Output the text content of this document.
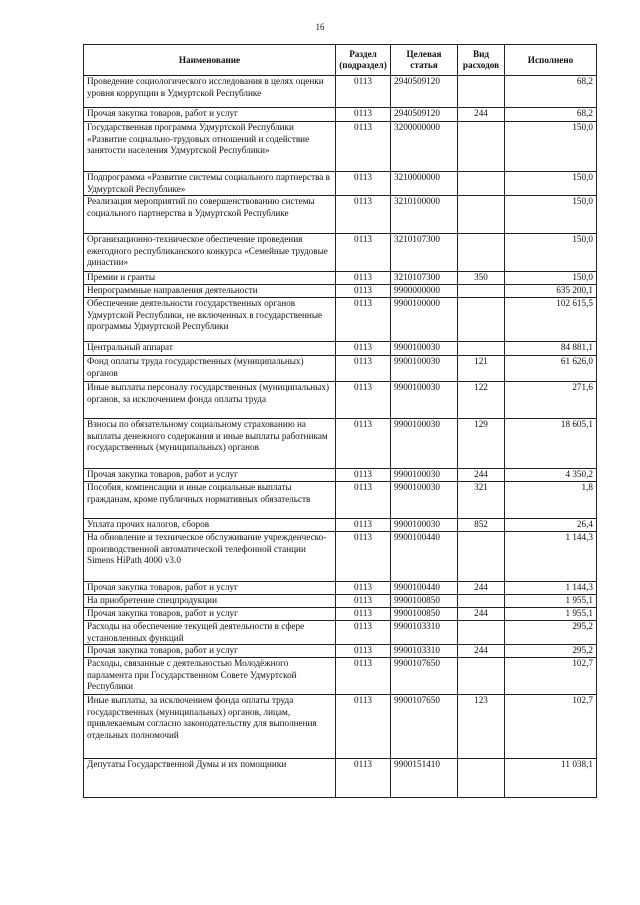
16
Наименование	Раздел (подраздел)	Целевая статья	Вид расходов	Исполнено
Проведение социологического исследования в целях оценки уровня коррупции в Удмуртской Республике	0113	2940509120		68,2
Прочая закупка товаров, работ и услуг	0113	2940509120	244	68,2
Государственная программа Удмуртской Республики «Развитие социально-трудовых отношений и содействие занятости населения Удмуртской Республики»	0113	3200000000		150,0
Подпрограмма «Развитие системы социального партнерства в Удмуртской Республике»	0113	3210000000		150,0
Реализация мероприятий по совершенствованию системы социального партнерства в Удмуртской Республике	0113	3210100000		150,0
Организационно-техническое обеспечение проведения ежегодного республиканского конкурса «Семейные трудовые династии»	0113	3210107300		150,0
Премии и гранты	0113	3210107300	350	150,0
Непрограммные направления деятельности	0113	9900000000		635 200,1
Обеспечение деятельности государственных органов Удмуртской Республики, не включенных в государственные программы Удмуртской Республики	0113	9900100000		102 615,5
Центральный аппарат	0113	9900100030		84 881,1
Фонд оплаты труда государственных (муниципальных) органов	0113	9900100030	121	61 626,0
Иные выплаты персоналу государственных (муниципальных) органов, за исключением фонда оплаты труда	0113	9900100030	122	271,6
Взносы по обязательному социальному страхованию на выплаты денежного содержания и иные выплаты работникам государственных (муниципальных) органов	0113	9900100030	129	18 605,1
Прочая закупка товаров, работ и услуг	0113	9900100030	244	4 350,2
Пособия, компенсации и иные социальные выплаты гражданам, кроме публичных нормативных обязательств	0113	9900100030	321	1,8
Уплата прочих налогов, сборов	0113	9900100030	852	26,4
На обновление и техническое обслуживание учрежденческо-производственной автоматической телефонной станции Simens HiPath 4000 v3.0	0113	9900100440		1 144,3
Прочая закупка товаров, работ и услуг	0113	9900100440	244	1 144,3
На приобретение спецпродукции	0113	9900100850		1 955,1
Прочая закупка товаров, работ и услуг	0113	9900100850	244	1 955,1
Расходы на обеспечение текущей деятельности в сфере установленных функций	0113	9900103310		295,2
Прочая закупка товаров, работ и услуг	0113	9900103310	244	295,2
Расходы, связанные с деятельностью Молодёжного парламента при Государственном Совете Удмуртской Республики	0113	9900107650		102,7
Иные выплаты, за исключением фонда оплаты труда государственных (муниципальных) органов, лицам, привлекаемым согласно законодательству для выполнения отдельных полномочий	0113	9900107650	123	102,7
Депутаты Государственной Думы и их помощники	0113	9900151410		11 038,1
